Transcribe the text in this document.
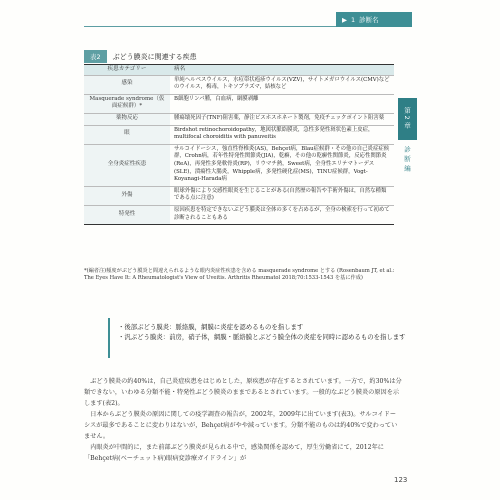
▶ 1 診断名
第2章
診断編
表2	ぶどう膜炎に関連する疾患
疾患カテゴリー	病名
感染	単純ヘルペスウイルス，水痘帯状疱疹ウイルス(VZV)，サイトメガロウイルス(CMV)などのウイルス，梅毒，トキソプラズマ，結核など
Masquerade syndrome（仮面症候群）*	B細胞リンパ腫，白血病，網膜剥離
薬物反応	腫瘍壊死因子(TNF)阻害薬，静注ビスホスホネート製剤，免疫チェックポイント阻害薬
眼	Birdshot retinochoroidopathy，地図状脈絡膜炎，急性多発性斑状色素上皮症，multifocal choroiditis with panuveitis
全身炎症性疾患	サルコイドーシス，強直性脊椎炎(AS)，Behçet病，Blau症候群・その他の自己炎症症候群，Crohn病，若年性特発性関節炎(JIA)，乾癬，その他の乾癬性関節炎，反応性関節炎(ReA)，再発性多発軟骨炎(RP)，リウマチ熱，Sweet病，全身性エリテマトーデス(SLE)，潰瘍性大腸炎，Whipple病，多発性硬化症(MS)，TINU症候群，Vogt-Koyanagi-Harada病
外傷	眼球外傷により交感性眼炎を生じることがある(自然歴の報告や手術外傷は，自然な種類である点に注意)
特発性	原因疾患を特定できないぶどう膜炎は全体の多くを占めるが，全身の検索を行って初めて診断されることもある
*(編者注)頻度がぶどう膜炎と間違えられるような眼内炎症性疾患を含める masquerade syndrome とする (Rosenbaum JT, et al.: The Eyes Have It: A Rheumatologist's View of Uveitis. Arthritis Rheumatol 2018;70:1533-1543 を基に作成)
・ 後部ぶどう膜炎：脈絡膜，網膜に炎症を認めるものを指します
・ 汎ぶどう膜炎：前房，硝子体，網膜・脈絡膜とぶどう膜全体の炎症を同時に認めるものを指します

ぶどう膜炎の約40%は，自己炎症疾患をはじめとした，原疾患が存在するとされています。一方で，約30%は分類できない，いわゆる分類不能・特発性ぶどう膜炎のままであるとされています。一般的なぶどう膜炎の原因を示します(表2)。

日本からぶどう膜炎の原因に関しての疫学調査の報告が，2002年，2009年に出ています(表3)。サルコイドーシスが最多であることに変わりはないが，Behçet病がやや減っています。分類不能のものは約40%で変わっていません。

内眼炎が中間的に，また前部ぶどう膜炎が見られる中で，感染関係を認めて，厚生労働省にて，2012年に「Behçet病(ベーチェット病)眼病変診療ガイドライン」が

123
